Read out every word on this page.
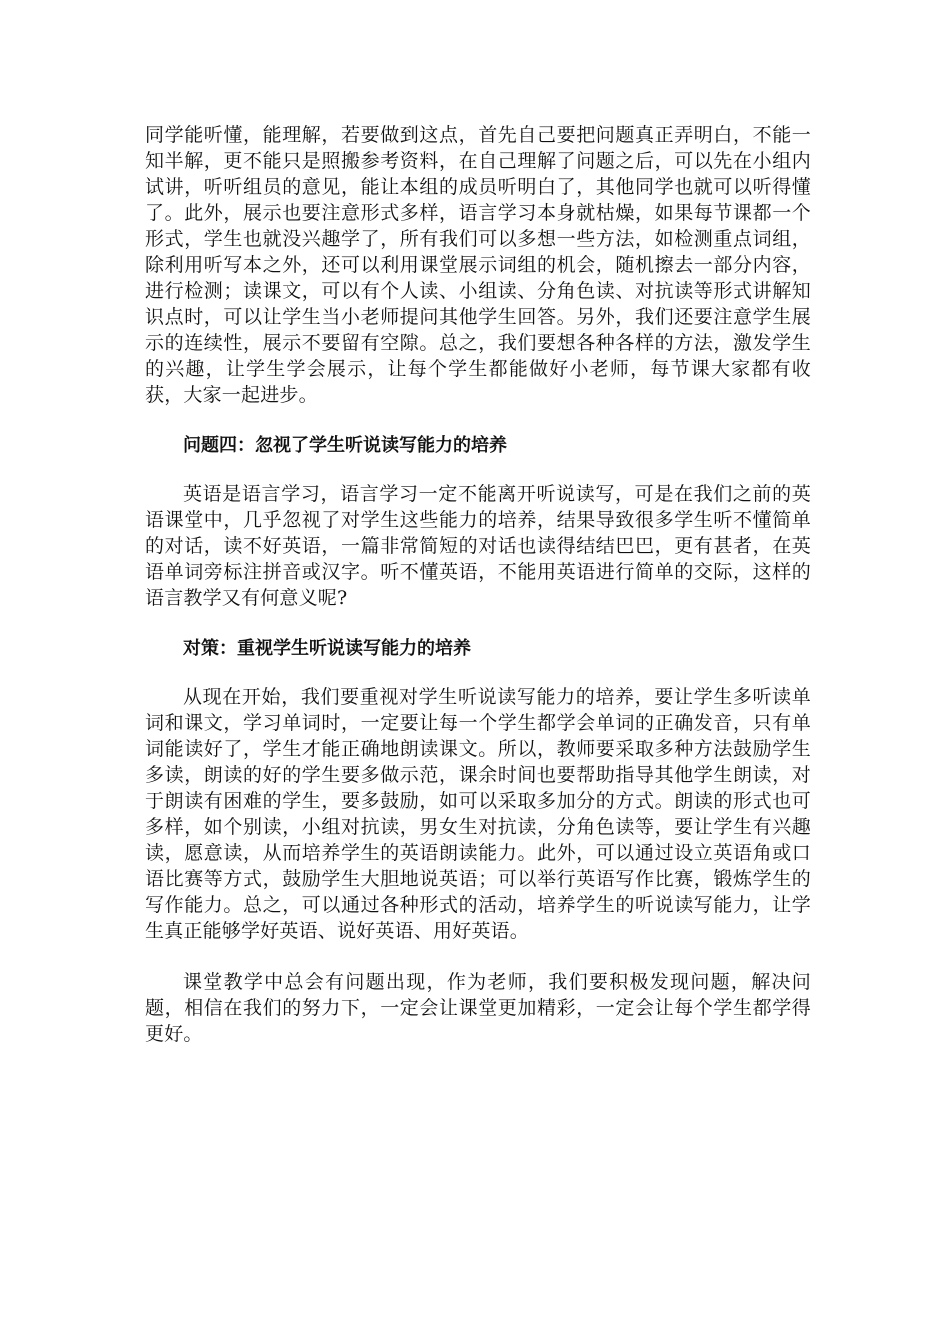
同学能听懂，能理解，若要做到这点，首先自己要把问题真正弄明白，不能一知半解，更不能只是照搬参考资料，在自己理解了问题之后，可以先在小组内试讲，听听组员的意见，能让本组的成员听明白了，其他同学也就可以听得懂了。此外，展示也要注意形式多样，语言学习本身就枯燥，如果每节课都一个形式，学生也就没兴趣学了，所有我们可以多想一些方法，如检测重点词组，除利用听写本之外，还可以利用课堂展示词组的机会，随机擦去一部分内容，进行检测；读课文，可以有个人读、小组读、分角色读、对抗读等形式讲解知识点时，可以让学生当小老师提问其他学生回答。另外，我们还要注意学生展示的连续性，展示不要留有空隙。总之，我们要想各种各样的方法，激发学生的兴趣，让学生学会展示，让每个学生都能做好小老师，每节课大家都有收获，大家一起进步。

问题四：忽视了学生听说读写能力的培养

英语是语言学习，语言学习一定不能离开听说读写，可是在我们之前的英语课堂中，几乎忽视了对学生这些能力的培养，结果导致很多学生听不懂简单的对话，读不好英语，一篇非常简短的对话也读得结结巴巴，更有甚者，在英语单词旁标注拼音或汉字。听不懂英语，不能用英语进行简单的交际，这样的语言教学又有何意义呢?

对策：重视学生听说读写能力的培养

从现在开始，我们要重视对学生听说读写能力的培养，要让学生多听读单词和课文，学习单词时，一定要让每一个学生都学会单词的正确发音，只有单词能读好了，学生才能正确地朗读课文。所以，教师要采取多种方法鼓励学生多读，朗读的好的学生要多做示范，课余时间也要帮助指导其他学生朗读，对于朗读有困难的学生，要多鼓励，如可以采取多加分的方式。朗读的形式也可多样，如个别读，小组对抗读，男女生对抗读，分角色读等，要让学生有兴趣读，愿意读，从而培养学生的英语朗读能力。此外，可以通过设立英语角或口语比赛等方式，鼓励学生大胆地说英语；可以举行英语写作比赛，锻炼学生的写作能力。总之，可以通过各种形式的活动，培养学生的听说读写能力，让学生真正能够学好英语、说好英语、用好英语。

课堂教学中总会有问题出现，作为老师，我们要积极发现问题，解决问题，相信在我们的努力下，一定会让课堂更加精彩，一定会让每个学生都学得更好。
